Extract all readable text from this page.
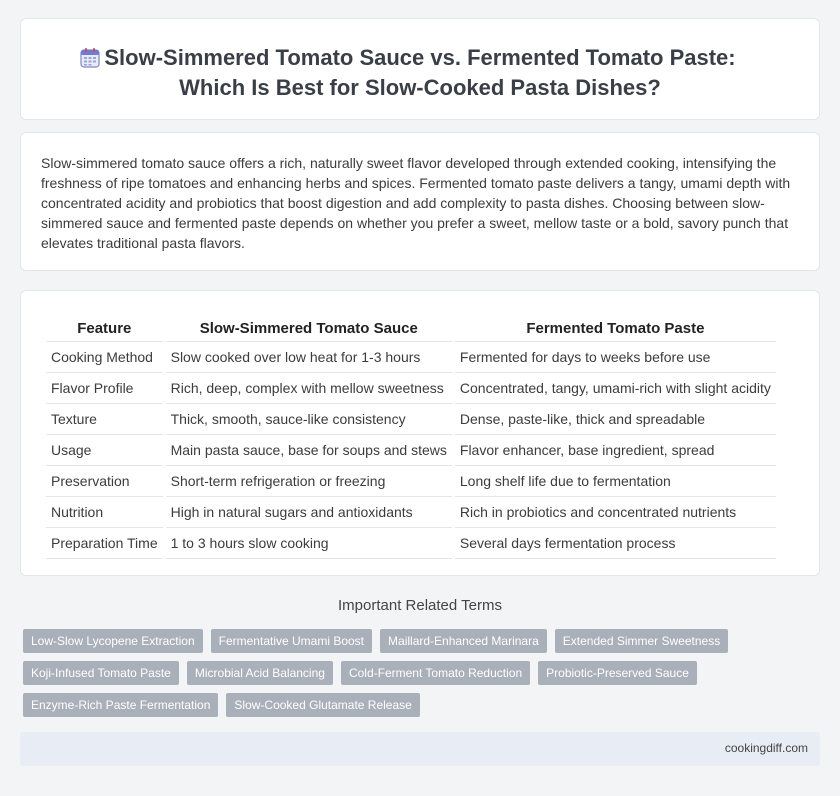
Slow-Simmered Tomato Sauce vs. Fermented Tomato Paste:
Which Is Best for Slow-Cooked Pasta Dishes?

Slow-simmered tomato sauce offers a rich, naturally sweet flavor developed through extended cooking, intensifying the freshness of ripe tomatoes and enhancing herbs and spices. Fermented tomato paste delivers a tangy, umami depth with concentrated acidity and probiotics that boost digestion and add complexity to pasta dishes. Choosing between slow-simmered sauce and fermented paste depends on whether you prefer a sweet, mellow taste or a bold, savory punch that elevates traditional pasta flavors.

Feature	Slow-Simmered Tomato Sauce	Fermented Tomato Paste
Cooking Method	Slow cooked over low heat for 1-3 hours	Fermented for days to weeks before use
Flavor Profile	Rich, deep, complex with mellow sweetness	Concentrated, tangy, umami-rich with slight acidity
Texture	Thick, smooth, sauce-like consistency	Dense, paste-like, thick and spreadable
Usage	Main pasta sauce, base for soups and stews	Flavor enhancer, base ingredient, spread
Preservation	Short-term refrigeration or freezing	Long shelf life due to fermentation
Nutrition	High in natural sugars and antioxidants	Rich in probiotics and concentrated nutrients
Preparation Time	1 to 3 hours slow cooking	Several days fermentation process
Important Related Terms
Low-Slow Lycopene Extraction	Fermentative Umami Boost	Maillard-Enhanced Marinara	Extended Simmer Sweetness
Koji-Infused Tomato Paste	Microbial Acid Balancing	Cold-Ferment Tomato Reduction	Probiotic-Preserved Sauce
Enzyme-Rich Paste Fermentation	Slow-Cooked Glutamate Release
cookingdiff.com
